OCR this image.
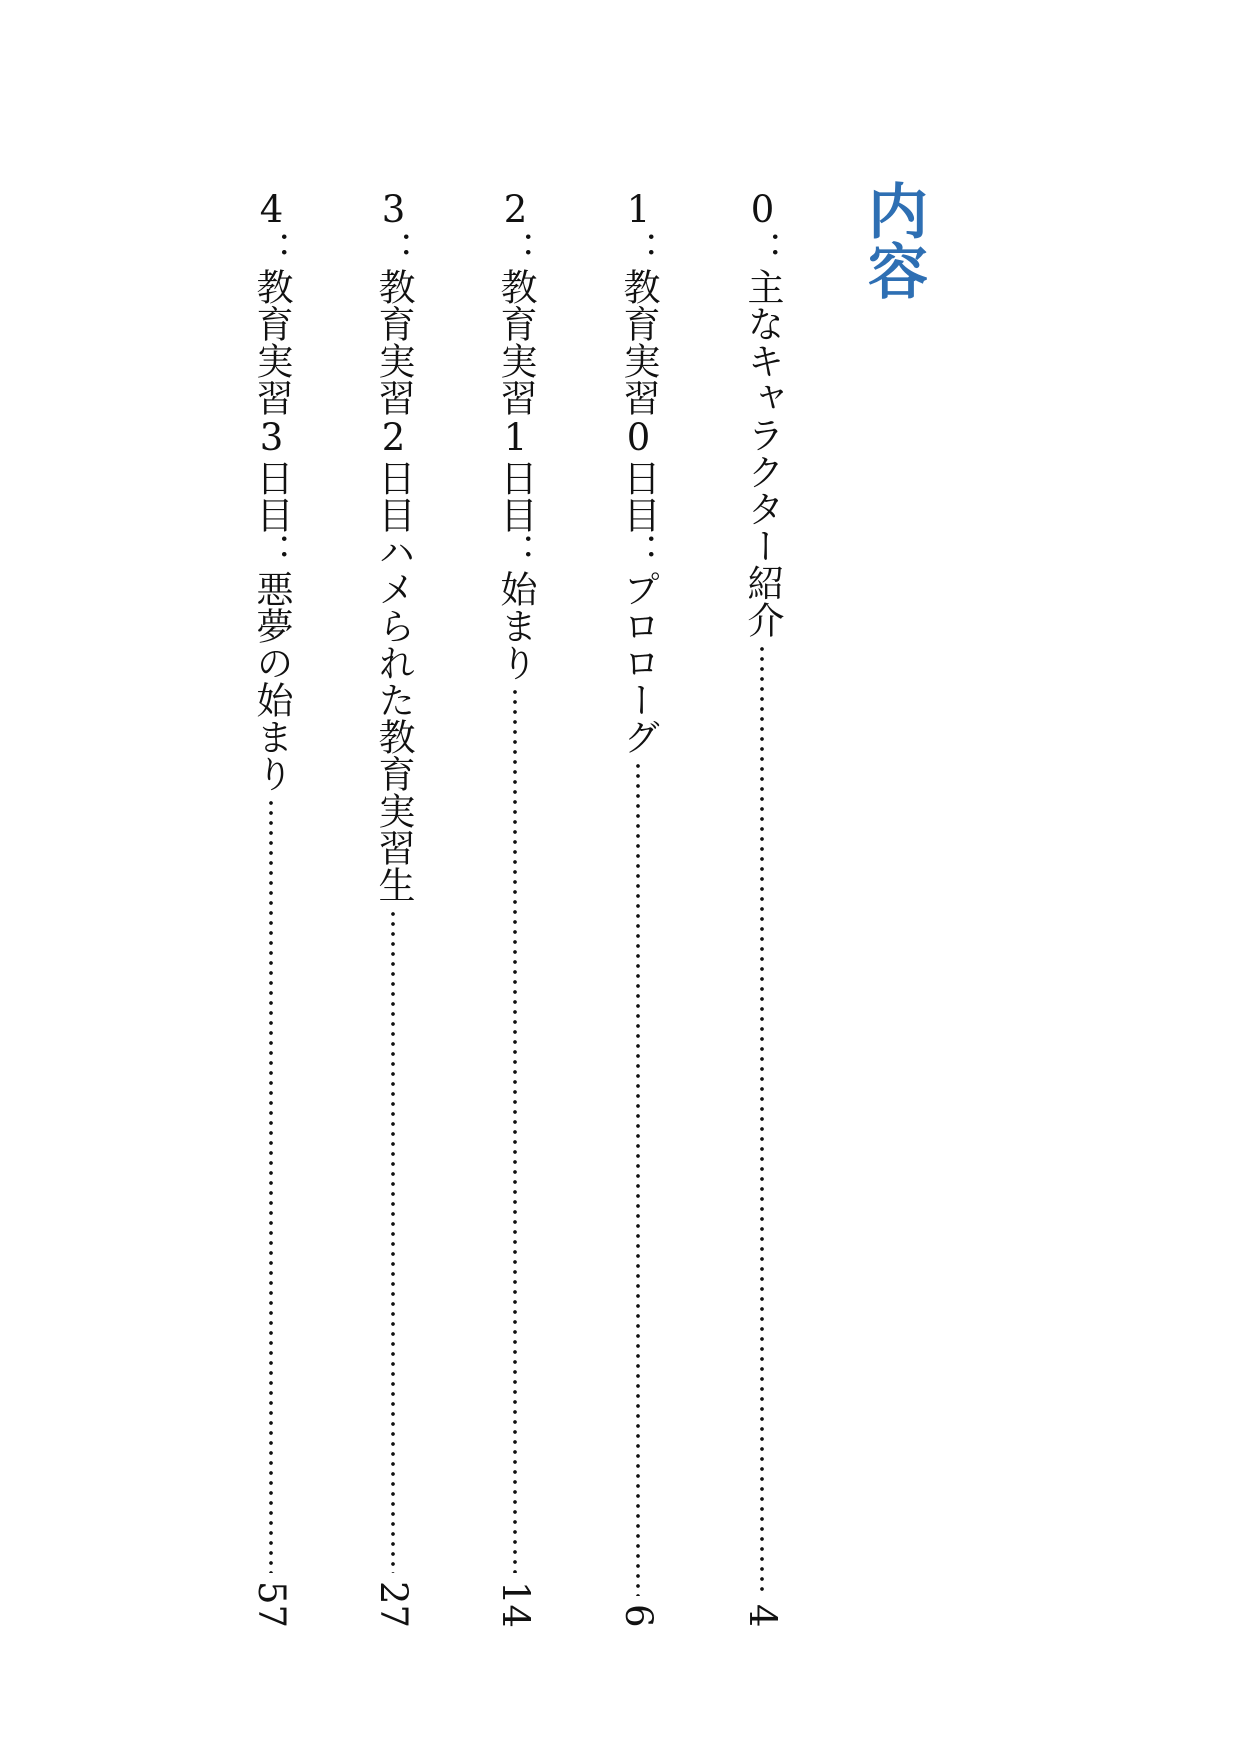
内容
0：主なキャラクター紹介
4
1：教育実習0日目：プロローグ
6
2：教育実習1日目：始まり
14
3：教育実習2日目ハメられた教育実習生
27
4：教育実習3日目：悪夢の始まり
57
